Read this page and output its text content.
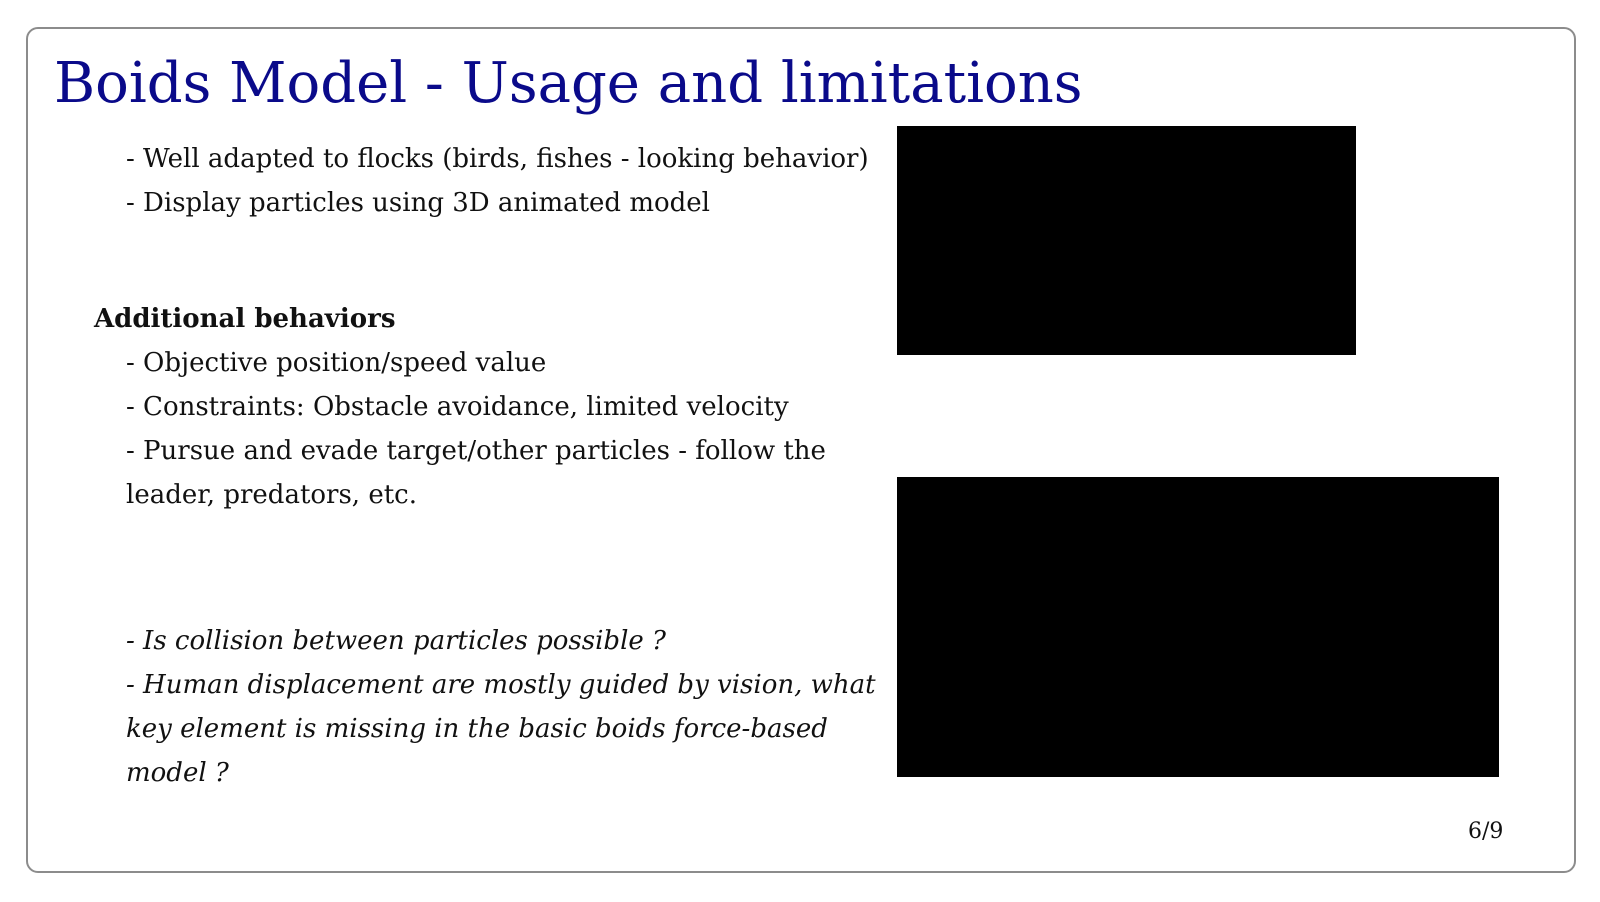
Boids Model - Usage and limitations
- Well adapted to flocks (birds, fishes - looking behavior)
- Display particles using 3D animated model
Additional behaviors
- Objective position/speed value
- Constraints: Obstacle avoidance, limited velocity
- Pursue and evade target/other particles - follow the
leader, predators, etc.
- Is collision between particles possible ?
- Human displacement are mostly guided by vision, what
key element is missing in the basic boids force-based
model ?
6/9
